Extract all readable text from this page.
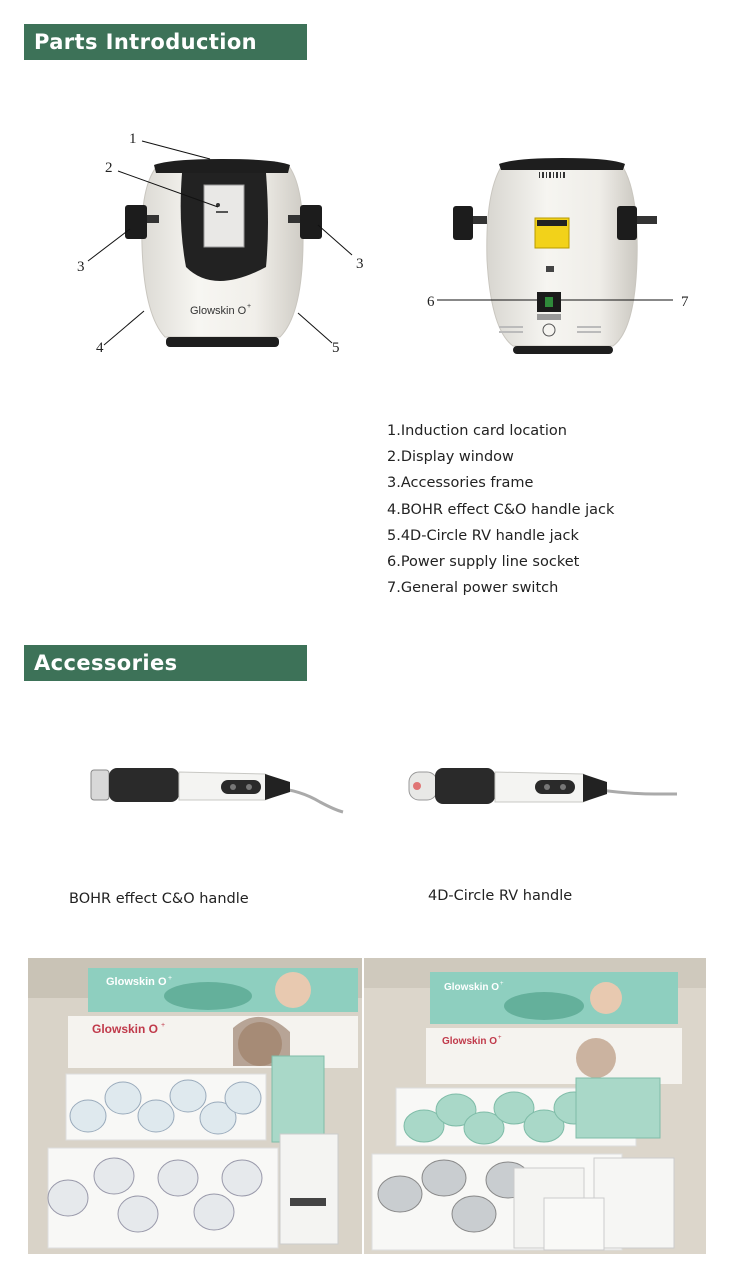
Parts Introduction
Glowskin O +
1
2
3	3
4	5
6	7
1.Induction card location
2.Display window
3.Accessories frame
4.BOHR effect C&O handle jack
5.4D-Circle RV handle jack
6.Power supply line socket
7.General power switch
Accessories
BOHR effect C&O handle	4D-Circle RV handle
Glowskin O +
Glowskin O +
Glowskin O +
Glowskin O +
